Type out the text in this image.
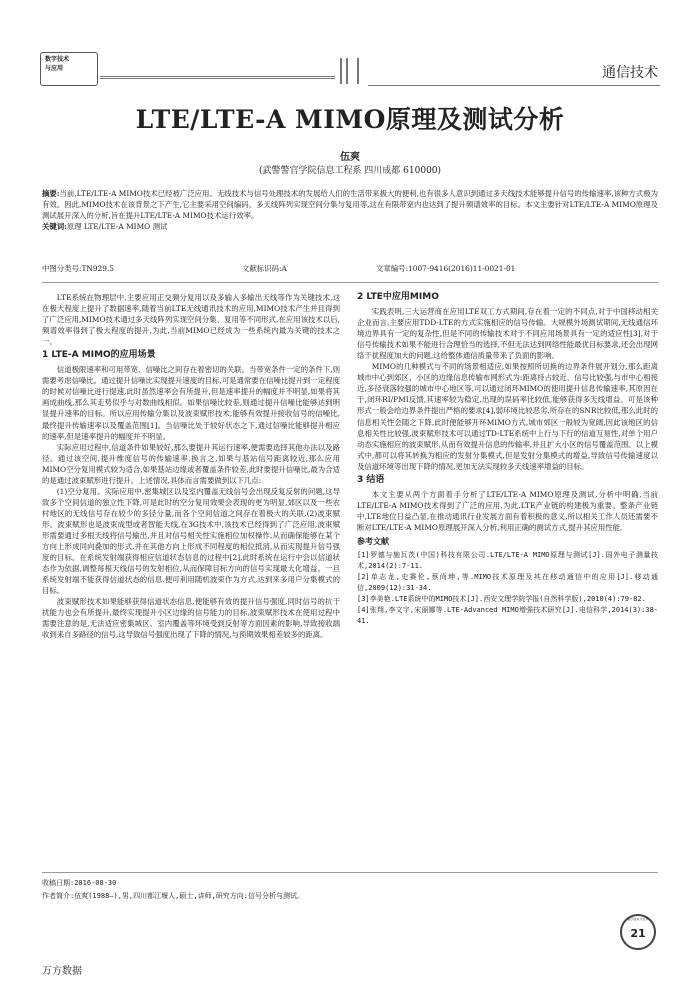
数字技术
与应用	通信技术
LTE/LTE-A MIMO原理及测试分析
伍爽
(武警警官学院信息工程系 四川成都 610000)
摘要:当前,LTE/LTE-A MIMO技术已经被广泛应用。无线技术与信号处理技术的发展给人们的生活带来极大的便利,也有很多人意识到通过多天线技术能够提升信号的传输速率,该种方式极为有效。因此,MIMO技术在该背景之下产生,它主要采用空间编码、多天线阵列实现空间分集与复用等,这在有限带宽内也达到了提升频谱效率的目标。本文主要针对LTE/LTE-A MIMO原理及测试展开深入的分析,旨在提升LTE/LTE-A MIMO技术运行效率。
关键词:原理 LTE/LTE-A MIMO 测试
中图分类号:TN929.5	文献标识码:A	文章编号:1007-9416(2016)11-0021-01

LTE系统在物理层中,主要应用正交频分复用以及多输入多输出天线等作为关键技术,这在极大程度上提升了数据速率,随着当前LTE无线通讯技术的应用,MIMO技术产生并且得到了广泛应用,MIMO技术通过多天线阵列实现空间分集、复用等不同形式,在应用该技术以后,频谱效率得到了极大程度的提升,为此,当前MIMO已经成为一些系统内最为关键的技术之一。

1 LTE-A MIMO的应用场景

信道极限速率和可用带宽、信噪比之间存在着密切的关联。当带宽条件一定的条件下,则需要考虑信噪比。通过提升信噪比实现提升速度的目标,可是通常要在信噪比提升到一定程度的时候对信噪比进行提速,此时虽然速率会有所提升,但是速率提升的幅度并不明显,如果将其画成曲线,那么其走势似乎与对数曲线相似。如果信噪比较差,则通过提升信噪比能够达到明显提升速率的目标。所以应用传输分集以及波束赋形技术,能够有效提升接收信号的信噪比,最终提升传输速率以及覆盖范围[1]。当信噪比处于较好状态之下,通过信噪比能够提升相应的速率,但是速率提升的幅度并不明显。

实际应用过程中,信道条件如果较好,那么要提升其运行速率,便需要选择其他办法以及路径。通过该空间,提升维度信号的传输速率,换言之,如果与基站信号距离较近,那么应用MIMO空分复用模式较为适合,如果基站边缘或者覆盖条件较差,此时要提升信噪比,最为合适的是通过波束赋形进行提升。上述情况,具体而言需要做到以下几点:

(1)空分复用。实际应用中,密集城区以及室内覆盖无线信号会出现反复反射的问题,这导致多个空间信道的独立性下降,可是此时的空分复用效果会表现的更为明显,郊区以及一些农村地区的无线信号存在较少的多径分量,而各个空间信道之间存在着极大的关联,(2)波束赋形。波束赋形也是波束成型或者智能天线,在3G技术中,该技术已经得到了广泛应用,波束赋形需要通过多根天线将信号输出,并且对信号相关性实施相位加权操作,从而确保能够在某个方向上形成同向叠加的形式,并在其他方向上形成不同程度的相位抵消,从而实现提升信号强度的目标。在系统发射端获得相应信道状态信息的过程中[2],此时系统在运行中会以信道状态作为依据,调整每根天线信号的发射相位,从而保障目标方向的信号实现最大化增益。一旦系统发射端不能获得信道状态的信息,便可利用随机波束作为方式,达到来多用户分集模式的目标。

波束赋形技术如果能够获得信道状态信息,便能够有效的提升信号强度,同时信号的抗干扰能力也会有所提升,最终实现提升小区边缘的信号能力的目标,波束赋形技术在使用过程中需要注意的是,无法适应密集城区、室内覆盖等环境受到反射等方面因素的影响,导致接收端收到来自多路径的信号,这导致信号强度出现了下降的情况,与预期效果相差较多的距离。

2 LTE中应用MIMO

实践表明,三大运营商在应用LTE双工方式期间,存在着一定的不同点,对于中国移动相关企业而言,主要应用TDD-LTE的方式实施相应的信号传输。大规模外场测试期间,无线通信环境边界具有一定的复杂性,但是不同的传输技术对于不同应用场景具有一定的适应性[3],对于信号传输技术如果不能进行合理恰当的选择,不但无法达到网络性能最优目标要求,还会出现网络干扰程度加大的问题,这给整体通信质量带来了负面的影响。

MIMO的几种模式与不同的场景相适应,如果按照所切换的边界条件展开划分,那么距离城市中心到郊区、小区的边缘信息传输布网形式为:距离持占较近、信号比较强,与市中心相接近,多径衰落较强的城市中心地区等,可以通过闭环MIMO的使用提升信息传输速率,其原因在于,闭环RI/PMI反馈,其速率较为稳定,出现的误码率比较低,能够获得多天线增益。可是该种形式一般会给边界条件提出严格的要求[4],弱环境比较恶劣,所存在的SNR比较低,那么此时的信息相关性会随之下降,此时便能够开环MIMO方式,城市郊区一般较为宽阔,因此该地区的信息相关性比较强,波束赋形技术可以通过TD-LTE系统中上行与下行的信道互易性,对单个用户动态实施相应的波束赋形,从而有效提升信息的传输率,并且扩大小区的信号覆盖范围。以上模式中,都可以将其转换为相应的发射分集模式,但是发射分集模式的增益,导致信号传输速度以及信道环境等出现下降的情况,更加无法实现较多天线速率增益的目标。

3 结语

本文主要从两个方面着手分析了LTE/LTE-A MIMO原理及测试,分析中明确,当前LTE/LTE-A MIMO技术得到了广泛的应用,为此,LTE产业链的构建极为重要。整条产业链中,LTE地位日益凸显,在推动通讯行业发展方面有着积极的意义,所以相关工作人员还需要不断对LTE/LTE-A MIMO原理展开深入分析,利用正确的测试方式,提升其应用性能。

参考文献
[1]罗德与施瓦茨(中国)科技有限公司.LTE/LTE-A MIMO原理与测试[J].国外电子测量技术,2014(2):7-11.
[2]单志龙,史赛伦,蔡尚坤,等.MIMO技术原理及其在移动通信中的应用[J].移动通信,2009(12):31-34.
[3]李美艳.LTE系统中的MIMO技术[J].西安文理学院学报(自然科学版),2010(4):79-82.
[4]张翔,李文宇,宋丽娜等.LTE-Advanced MIMO增强技术研究[J].电信科学,2014(3):38-41.
收稿日期:2016-08-30
作者简介:伍爽(1988—),男,四川都江堰人,硕士,讲师,研究方向:信号分析与测试。
数字技术与应用
21
万方数据
